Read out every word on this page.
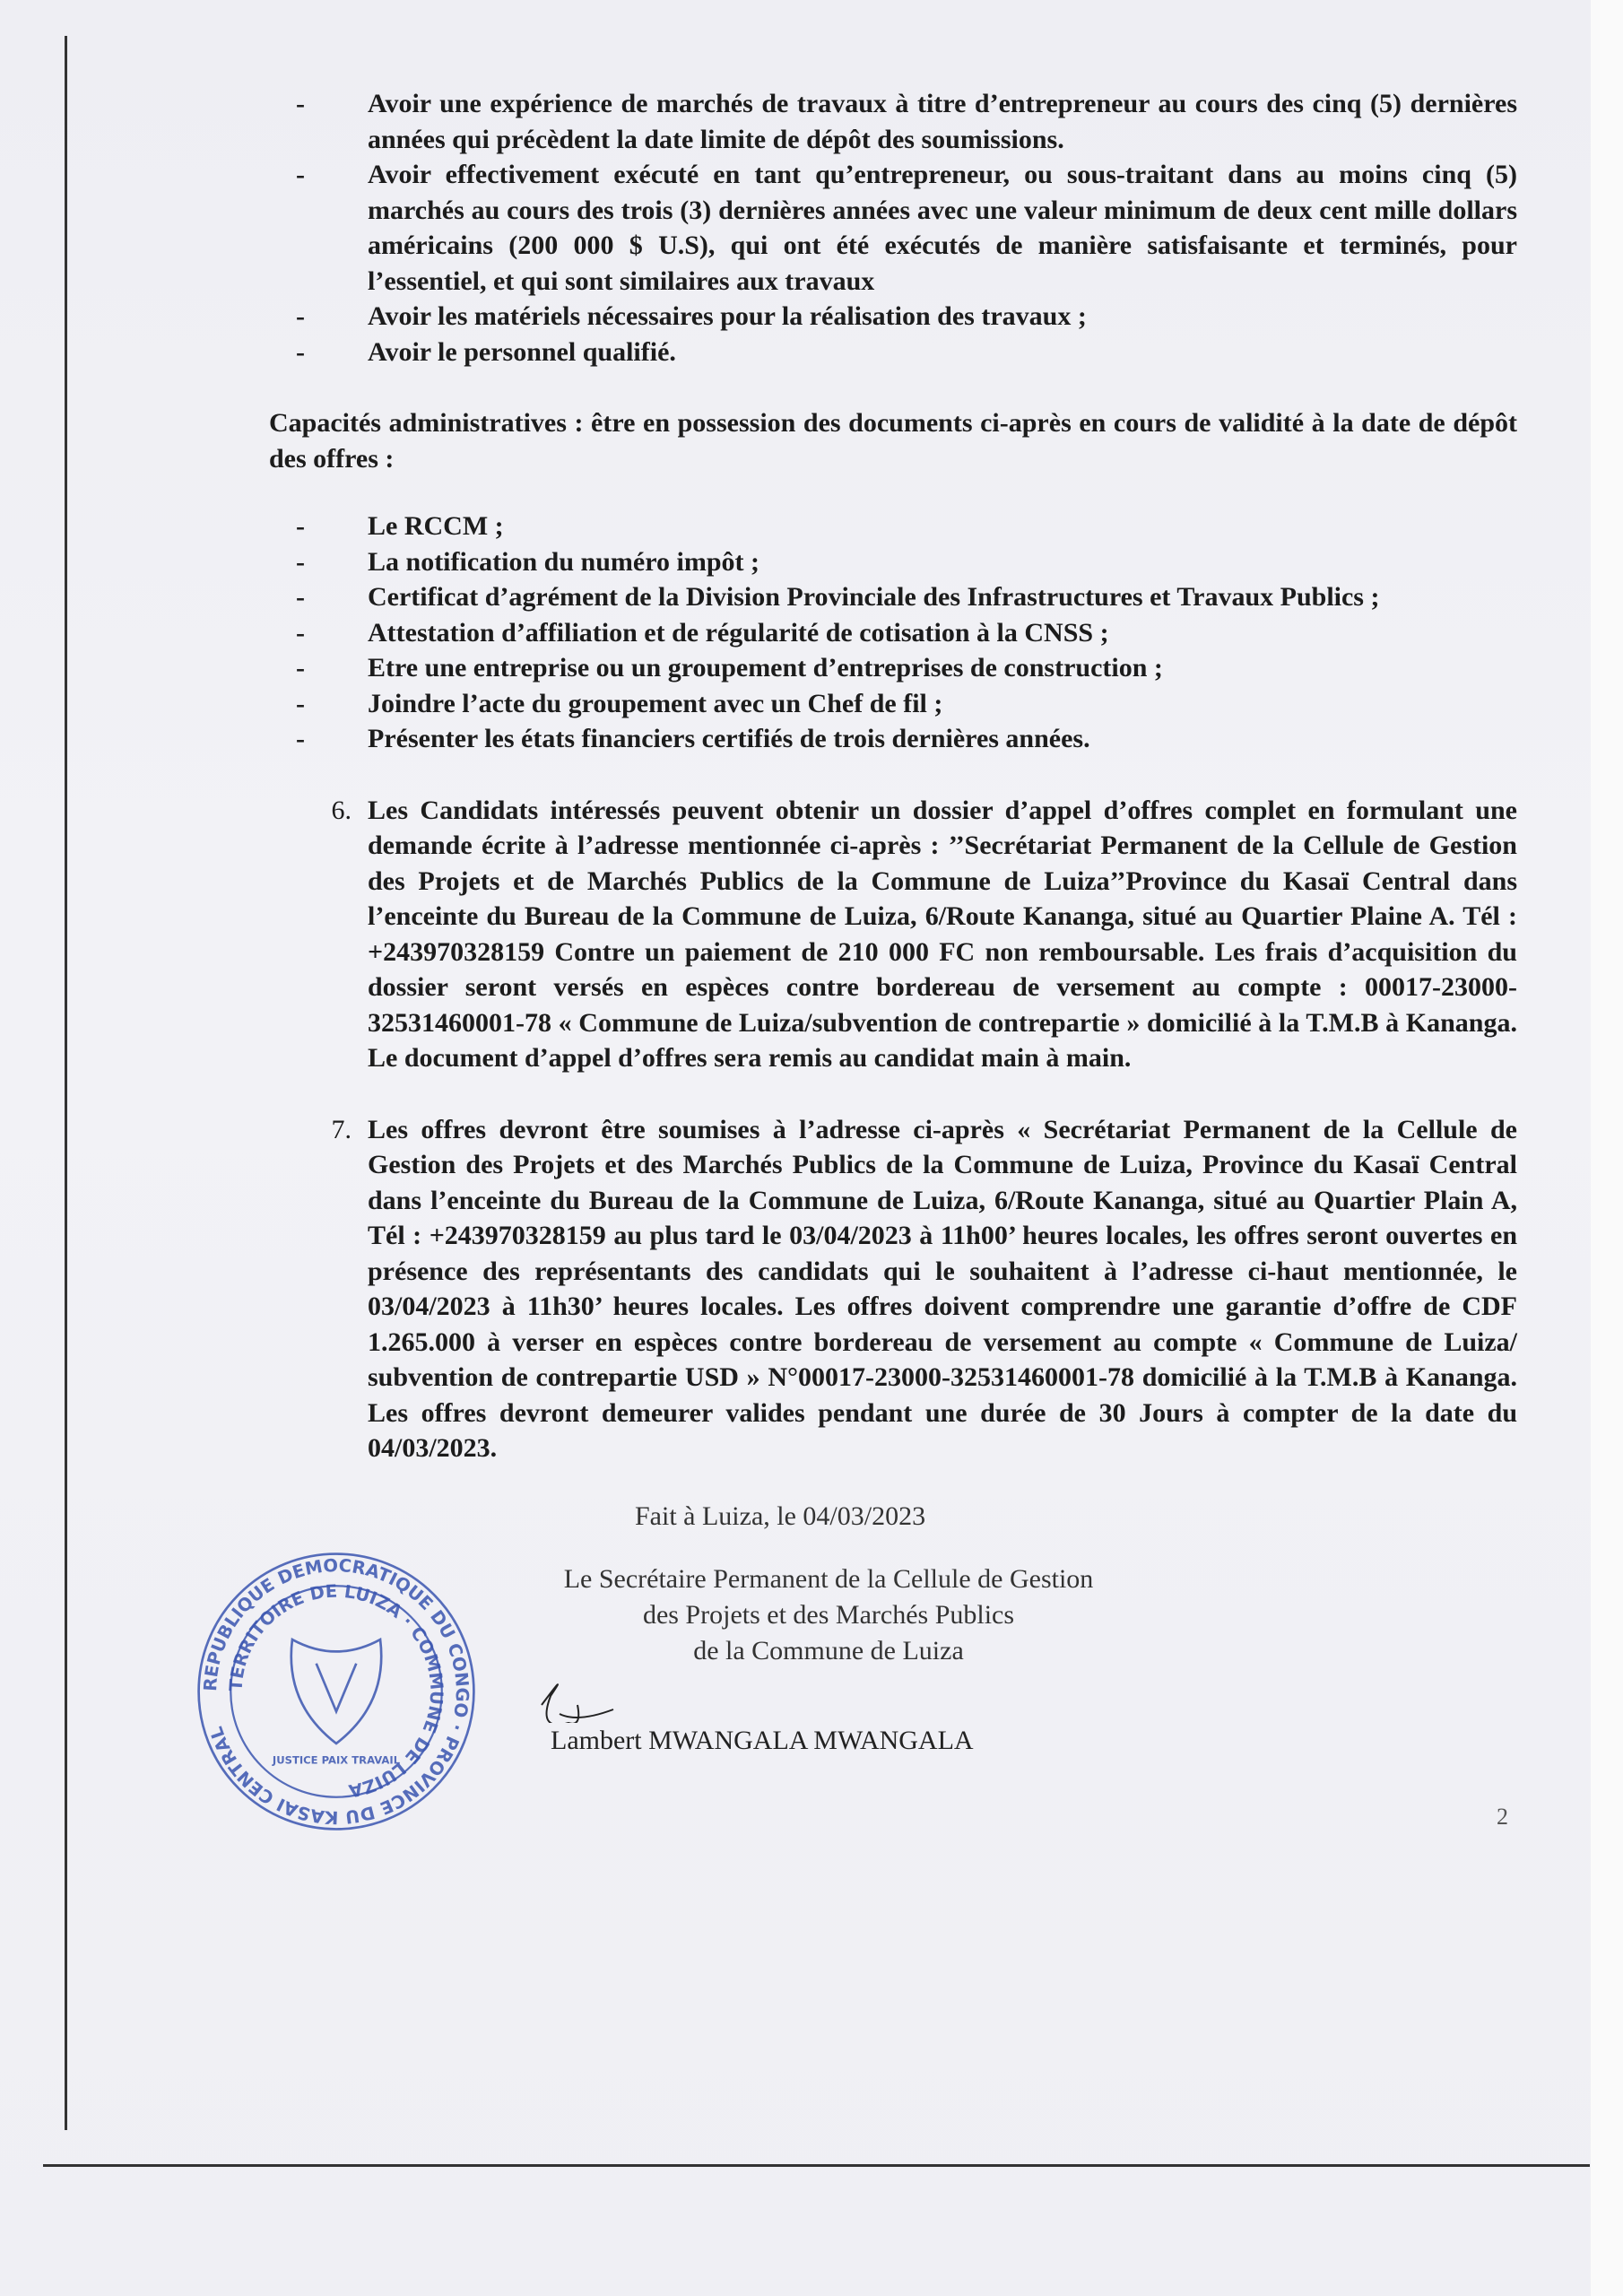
-	Avoir une expérience de marchés de travaux à titre d’entrepreneur au cours des cinq (5) dernières années qui précèdent la date limite de dépôt des soumissions.
-	Avoir effectivement exécuté en tant qu’entrepreneur, ou sous-traitant dans au moins cinq (5) marchés au cours des trois (3) dernières années avec une valeur minimum de deux cent mille dollars américains (200 000 $ U.S), qui ont été exécutés de manière satisfaisante et terminés, pour l’essentiel, et qui sont similaires aux travaux
-	Avoir les matériels nécessaires pour la réalisation des travaux ;
-	Avoir le personnel qualifié.
Capacités administratives : être en possession des documents ci-après en cours de validité à la date de dépôt des offres :
-	Le RCCM ;
-	La notification du numéro impôt ;
-	Certificat d’agrément de la Division Provinciale des Infrastructures et Travaux Publics ;
-	Attestation d’affiliation et de régularité de cotisation à la CNSS ;
-	Etre une entreprise ou un groupement d’entreprises de construction ;
-	Joindre l’acte du groupement avec un Chef de fil ;
-	Présenter les états financiers certifiés de trois dernières années.
6. Les Candidats intéressés peuvent obtenir un dossier d’appel d’offres complet en formulant une demande écrite à l’adresse mentionnée ci-après : ’’Secrétariat Permanent de la Cellule de Gestion des Projets et de Marchés Publics de la Commune de Luiza’’Province du Kasaï Central dans l’enceinte du Bureau de la Commune de Luiza, 6/Route Kananga, situé au Quartier Plaine A. Tél : +243970328159 Contre un paiement de 210 000 FC non remboursable. Les frais d’acquisition du dossier seront versés en espèces contre bordereau de versement au compte : 00017-23000-32531460001-78 « Commune de Luiza/subvention de contrepartie » domicilié à la T.M.B à Kananga. Le document d’appel d’offres sera remis au candidat main à main.
7. Les offres devront être soumises à l’adresse ci-après « Secrétariat Permanent de la Cellule de Gestion des Projets et des Marchés Publics de la Commune de Luiza, Province du Kasaï Central dans l’enceinte du Bureau de la Commune de Luiza, 6/Route Kananga, situé au Quartier Plain A, Tél : +243970328159 au plus tard le 03/04/2023 à 11h00’ heures locales, les offres seront ouvertes en présence des représentants des candidats qui le souhaitent à l’adresse ci-haut mentionnée, le 03/04/2023 à 11h30’ heures locales. Les offres doivent comprendre une garantie d’offre de CDF 1.265.000 à verser en espèces contre bordereau de versement au compte « Commune de Luiza/ subvention de contrepartie USD » N°00017-23000-32531460001-78 domicilié à la T.M.B à Kananga. Les offres devront demeurer valides pendant une durée de 30 Jours à compter de la date du 04/03/2023.
Fait à Luiza, le 04/03/2023
REPUBLIQUE DEMOCRATIQUE DU CONGO · PROVINCE DU KASAI CENTRAL
TERRITOIRE DE LUIZA · COMMUNE DE LUIZA
JUSTICE PAIX TRAVAIL
Le Secrétaire Permanent de la Cellule de Gestion
des Projets et des Marchés Publics
de la Commune de Luiza
Lambert MWANGALA MWANGALA
2
